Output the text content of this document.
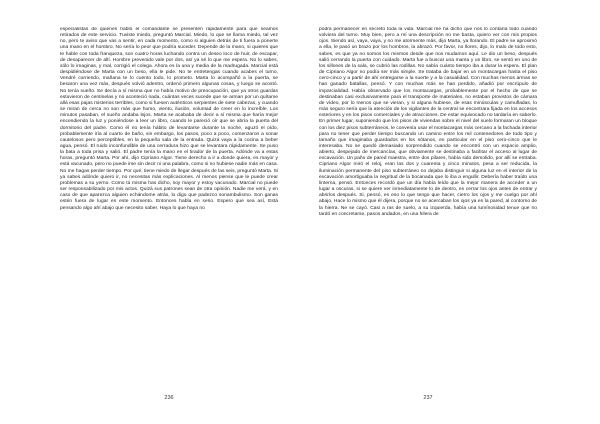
especialistas de quienes habló el comandante se presenten rápidamente para que seamos retirados de este servicio. Tuviste miedo, preguntó Marcial. Miedo, lo que se llama miedo, tal vez no, pero te aviso que vas a sentir, en cada momento, como si alguien detrás de ti fuera a ponerte una mano en el hombro. No sería lo peor que podría suceder. Depende de la mano, si quieres que te hable con toda franqueza, son cuatro horas luchando contra un deseo loco de huir, de escapar, de desaparecer de allí. Hombre prevenido vale por dos, así ya sé lo que me espera. No lo sabes, sólo lo imaginas, y mal, corrigió el colega. Ahora es la una y media de la madrugada. Marcial está despidiéndose de Marta con un beso, ella le pide. No te entretengas cuando acabes el turno, Vendré corriendo, mañana te lo cuento todo, lo prometo. Marta lo acompañó a la puerta, se besaron una vez más, después volvió adentro, ordenó primero algunas cosas, y luego se acostó. No tenía sueño. Se decía a sí misma que no había motivo de preocupación, que ya otros guardas estuvieron de centinelas y no aconteció nada, cuántas veces sucede que se arman por un quítame allá esas pajas misterios terribles, como si fuesen auténticos serpientes de siete cabezas, y cuando se miran de cerca no son más que humo, viento, ilusión, voluntad de creer en lo increíble. Los minutos pasaban, el sueño andaba lejos. Marta se acababa de decir a sí misma que haría mejor encendiendo la luz y poniéndose a leer un libro, cuando le pareció oír que se abría la puerta del dormitorio del padre. Como él no tenía hábito de levantarse durante la noche, aguzó el oído, probablemente iría al cuarto de baño, sin embargo, los pasos, poco a poco, comenzaron a sonar cautelosos pero perceptibles, en la pequeña sala de la entrada. Quizá vaya a la cocina a beber agua, pensó. El ruido inconfundible de una cerradura hizo que se levantara rápidamente. Se puso la bata a toda prisa y salió. El padre tenía la mano en el tirador de la puerta. Adónde va a estas horas, preguntó Marta. Por ahí, dijo Cipriano Algor. Tiene derecho a ir a donde quiera, es mayor y está vacunado, pero no puede irse sin decir ni una palabra, como si no hubiese nadie más en casa. No me hagas perder tiempo. Por qué, tiene miedo de llegar después de las seis, preguntó Marta. Si ya sabes adónde quiero ir, no necesitas más explicaciones. Al menos piense que le puede crear problemas a su yerno. Como tú misma has dicho, soy mayor y estoy vacunado. Marcial no puede ser responsabilizado por mis actos. Quizá sus patrones sean de otra opinión. Nadie me verá, y en caso de que aparezca alguien echándome atrás, lo digo que padezco sonambulismo. Son ganas estén fuera de lugar en este momento. Entonces habla en serio. Espero que sea así, Está pensando algo ahí abajo que necesito saber. Haya lo que haya no

236

podrá permanecer en secreto toda la vida. Marcial me ha dicho que nos lo contaría todo cuando volviera del turno. Muy bien, pero a mí una descripción no me basta, quiero ver con mis propios ojos. Siendo así, vaya, vaya, y no me atormente más, dijo Marta, ya llorando. El padre se aproximó a ella, le pasó un brazo por los hombros, la abrazó. Por favor, no llores, dijo, lo malo de todo esto, sabes, es que ya no somos los mismos desde que nos mudamos aquí. Le dio un beso, después salió cerrando la puerta con cuidado. Marta fue a buscar una manta y un libro, se sentó en uno de los sillones de la sala, se cubrió las rodillas. No sabía cuánto tiempo iba a durar la espera. El plan de Cipriano Algor no podía ser más simple. Se trataba de bajar en un montacargas hasta el piso cero-cinco y a partir de ahí entregarse a la suerte y a la casualidad. Con muchas menos armas se han ganado batallas, pensó. Y con muchas más se han perdido, añadió por escrúpulo de imparcialidad. Había observado que los montacargas, probablemente por el hecho de que se destinaban casi exclusivamente para el transporte de materiales, no estaban provistos de cámara de vídeo, por lo menos que se vieran, y si alguna hubiese, de esas minúsculas y camufladas, lo más seguro sería que la atención de los vigilantes de la central se encontrara fijada en los accesos exteriores y en los pisos comerciales y de atracciones. De estar equivocado no tardaría en saberlo. En primer lugar, suponiendo que los pisos de viviendas sobre el nivel del suelo formaran un bloque con los diez pisos subterráneos, le convenía usar el montacargas más cercano a la fachada interior para no tener que perder tiempo buscando un camino entre los mil contenedores de todo tipo y tamaño que imaginaba guardados en los sótanos, en particular en el piso cero-cinco que le interesaba. No se quedó demasiado sorprendido cuando se encontró con un espacio amplio, abierto, despejado de mercancías, que obviamente se destinaba a facilitar el acceso al lugar de excavación. Un paño de pared maestra, entre dos pilares, había sido demolido, por allí se entraba. Cipriano Algor miró el reloj, eran las dos y cuarenta y cinco minutos, pesa a ser reducida, la iluminación permanente del piso subterráneo no dejaba distinguir si alguna luz en el interior de la excavación amortiguaba la negritud de la bocanada que lo iba a engullir. Debería haber traído una linterna, pensó. Entonces recordó que un día había leído que la mejor manera de acceder a un lugar a oscuras, si se quiere ver inmediatamente lo de dentro, es cerrar los ojos antes de entrar y abrirlos después. Si, pensó, es eso lo que tengo que hacer, cierro los ojos y me cuelgo por ahí abajo, Hace lo mismo que él dijera, porque no se acercaban los ojos ya en la pared, al contorno de la hierra. Ne se cayó. Casi a ras de suelo, a su izquierda, había una lumínosidad tenue que no tardó en concretarse, pasos andados, en una hilera de

237
